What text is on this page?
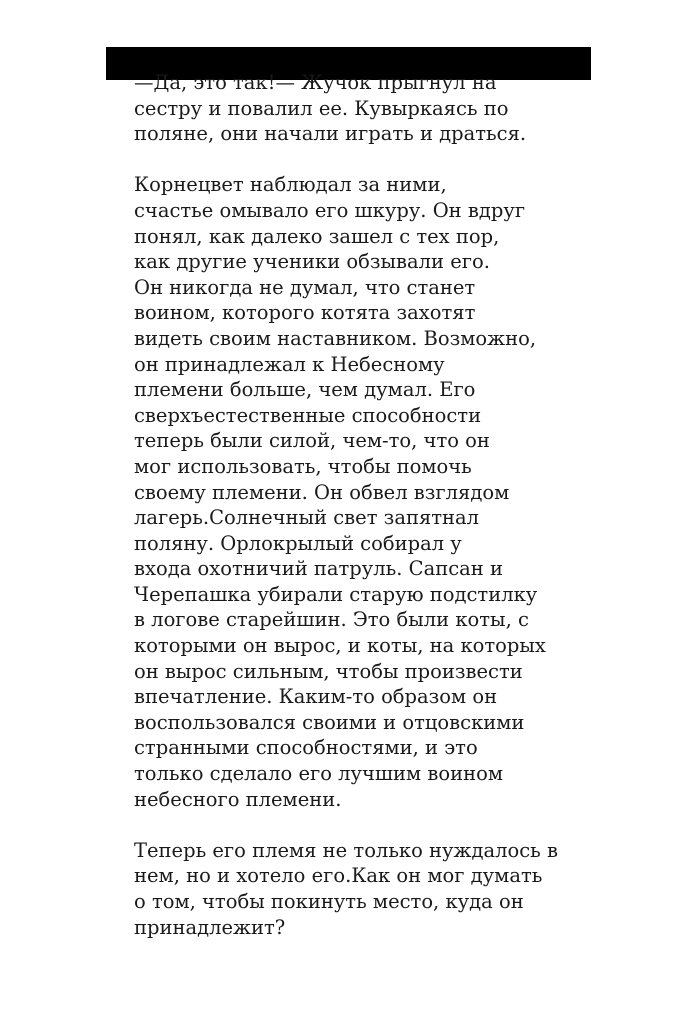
—Да, это так!— Жучок прыгнул на
сестру и повалил ее. Кувыркаясь по
поляне, они начали играть и драться.
Корнецвет наблюдал за ними,
счастье омывало его шкуру. Он вдруг
понял, как далеко зашел с тех пор,
как другие ученики обзывали его.
Он никогда не думал, что станет
воином, которого котята захотят
видеть своим наставником. Возможно,
он принадлежал к Небесному
племени больше, чем думал. Его
сверхъестественные способности
теперь были силой, чем-то, что он
мог использовать, чтобы помочь
своему племени. Он обвел взглядом
лагерь.Солнечный свет запятнал
поляну. Орлокрылый собирал у
входа охотничий патруль. Сапсан и
Черепашка убирали старую подстилку
в логове старейшин. Это были коты, с
которыми он вырос, и коты, на которых
он вырос сильным, чтобы произвести
впечатление. Каким-то образом он
воспользовался своими и отцовскими
странными способностями, и это
только сделало его лучшим воином
небесного племени.
Теперь его племя не только нуждалось в
нем, но и хотело его.Как он мог думать
о том, чтобы покинуть место, куда он
принадлежит?
